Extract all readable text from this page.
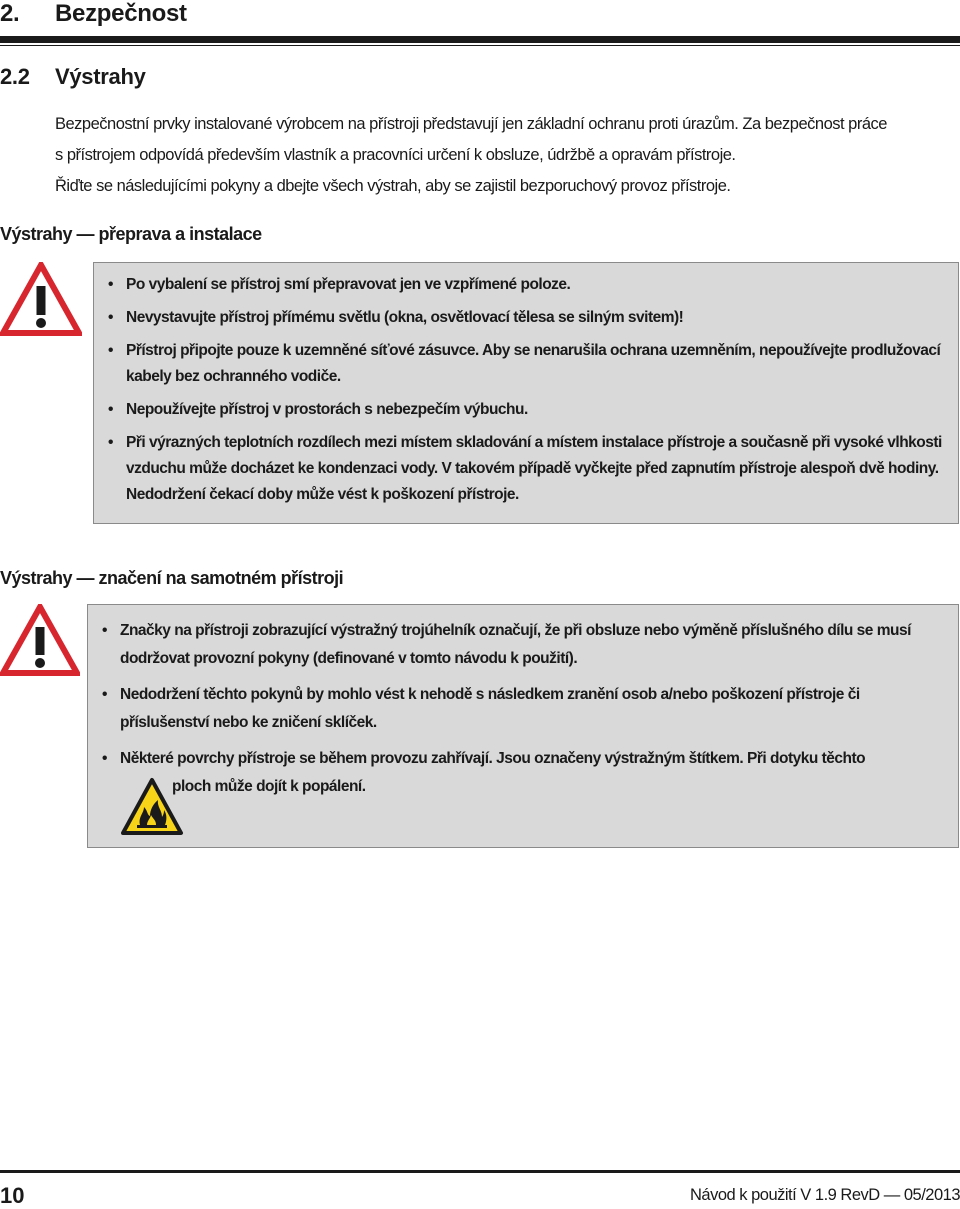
2. Bezpečnost
2.2 Výstrahy

Bezpečnostní prvky instalované výrobcem na přístroji představují jen základní ochranu proti úrazům. Za bezpečnost práce

s přístrojem odpovídá především vlastník a pracovníci určení k obsluze, údržbě a opravám přístroje.

Řiďte se následujícími pokyny a dbejte všech výstrah, aby se zajistil bezporuchový provoz přístroje.

Výstrahy — přeprava a instalace
• Po vybalení se přístroj smí přepravovat jen ve vzpřímené poloze.
• Nevystavujte přístroj přímému světlu (okna, osvětlovací tělesa se silným svitem)!
• Přístroj připojte pouze k uzemněné síťové zásuvce. Aby se nenarušila ochrana uzemněním, nepoužívejte prodlužovací kabely bez ochranného vodiče.
• Nepoužívejte přístroj v prostorách s nebezpečím výbuchu.
• Při výrazných teplotních rozdílech mezi místem skladování a místem instalace přístroje a současně při vysoké vlhkosti vzduchu může docházet ke kondenzaci vody. V takovém případě vyčkejte před zapnutím přístroje alespoň dvě hodiny. Nedodržení čekací doby může vést k poškození přístroje.
Výstrahy — značení na samotném přístroji
• Značky na přístroji zobrazující výstražný trojúhelník označují, že při obsluze nebo výměně příslušného dílu se musí dodržovat provozní pokyny (definované v tomto návodu k použití).
• Nedodržení těchto pokynů by mohlo vést k nehodě s následkem zranění osob a/nebo poškození přístroje či příslušenství nebo ke zničení sklíček.
• Některé povrchy přístroje se během provozu zahřívají. Jsou označeny výstražným štítkem. Při dotyku těchto
ploch může dojít k popálení.

10	Návod k použití V 1.9 RevD — 05/2013
